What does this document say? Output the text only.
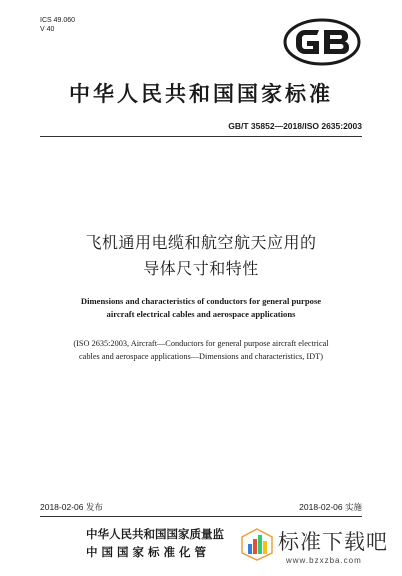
ICS 49.060
V 40
中华人民共和国国家标准
GB/T 35852—2018/ISO 2635:2003
飞机通用电缆和航空航天应用的
导体尺寸和特性
Dimensions and characteristics of conductors for general purpose
aircraft electrical cables and aerospace applications
(ISO 2635:2003, Aircraft—Conductors for general purpose aircraft electrical
cables and aerospace applications—Dimensions and characteristics, IDT)
2018-02-06 发布	2018-02-06 实施
中华人民共和国国家质量监
中 国 国 家 标 准 化 管	标准下载吧
www.bzxzba.com
